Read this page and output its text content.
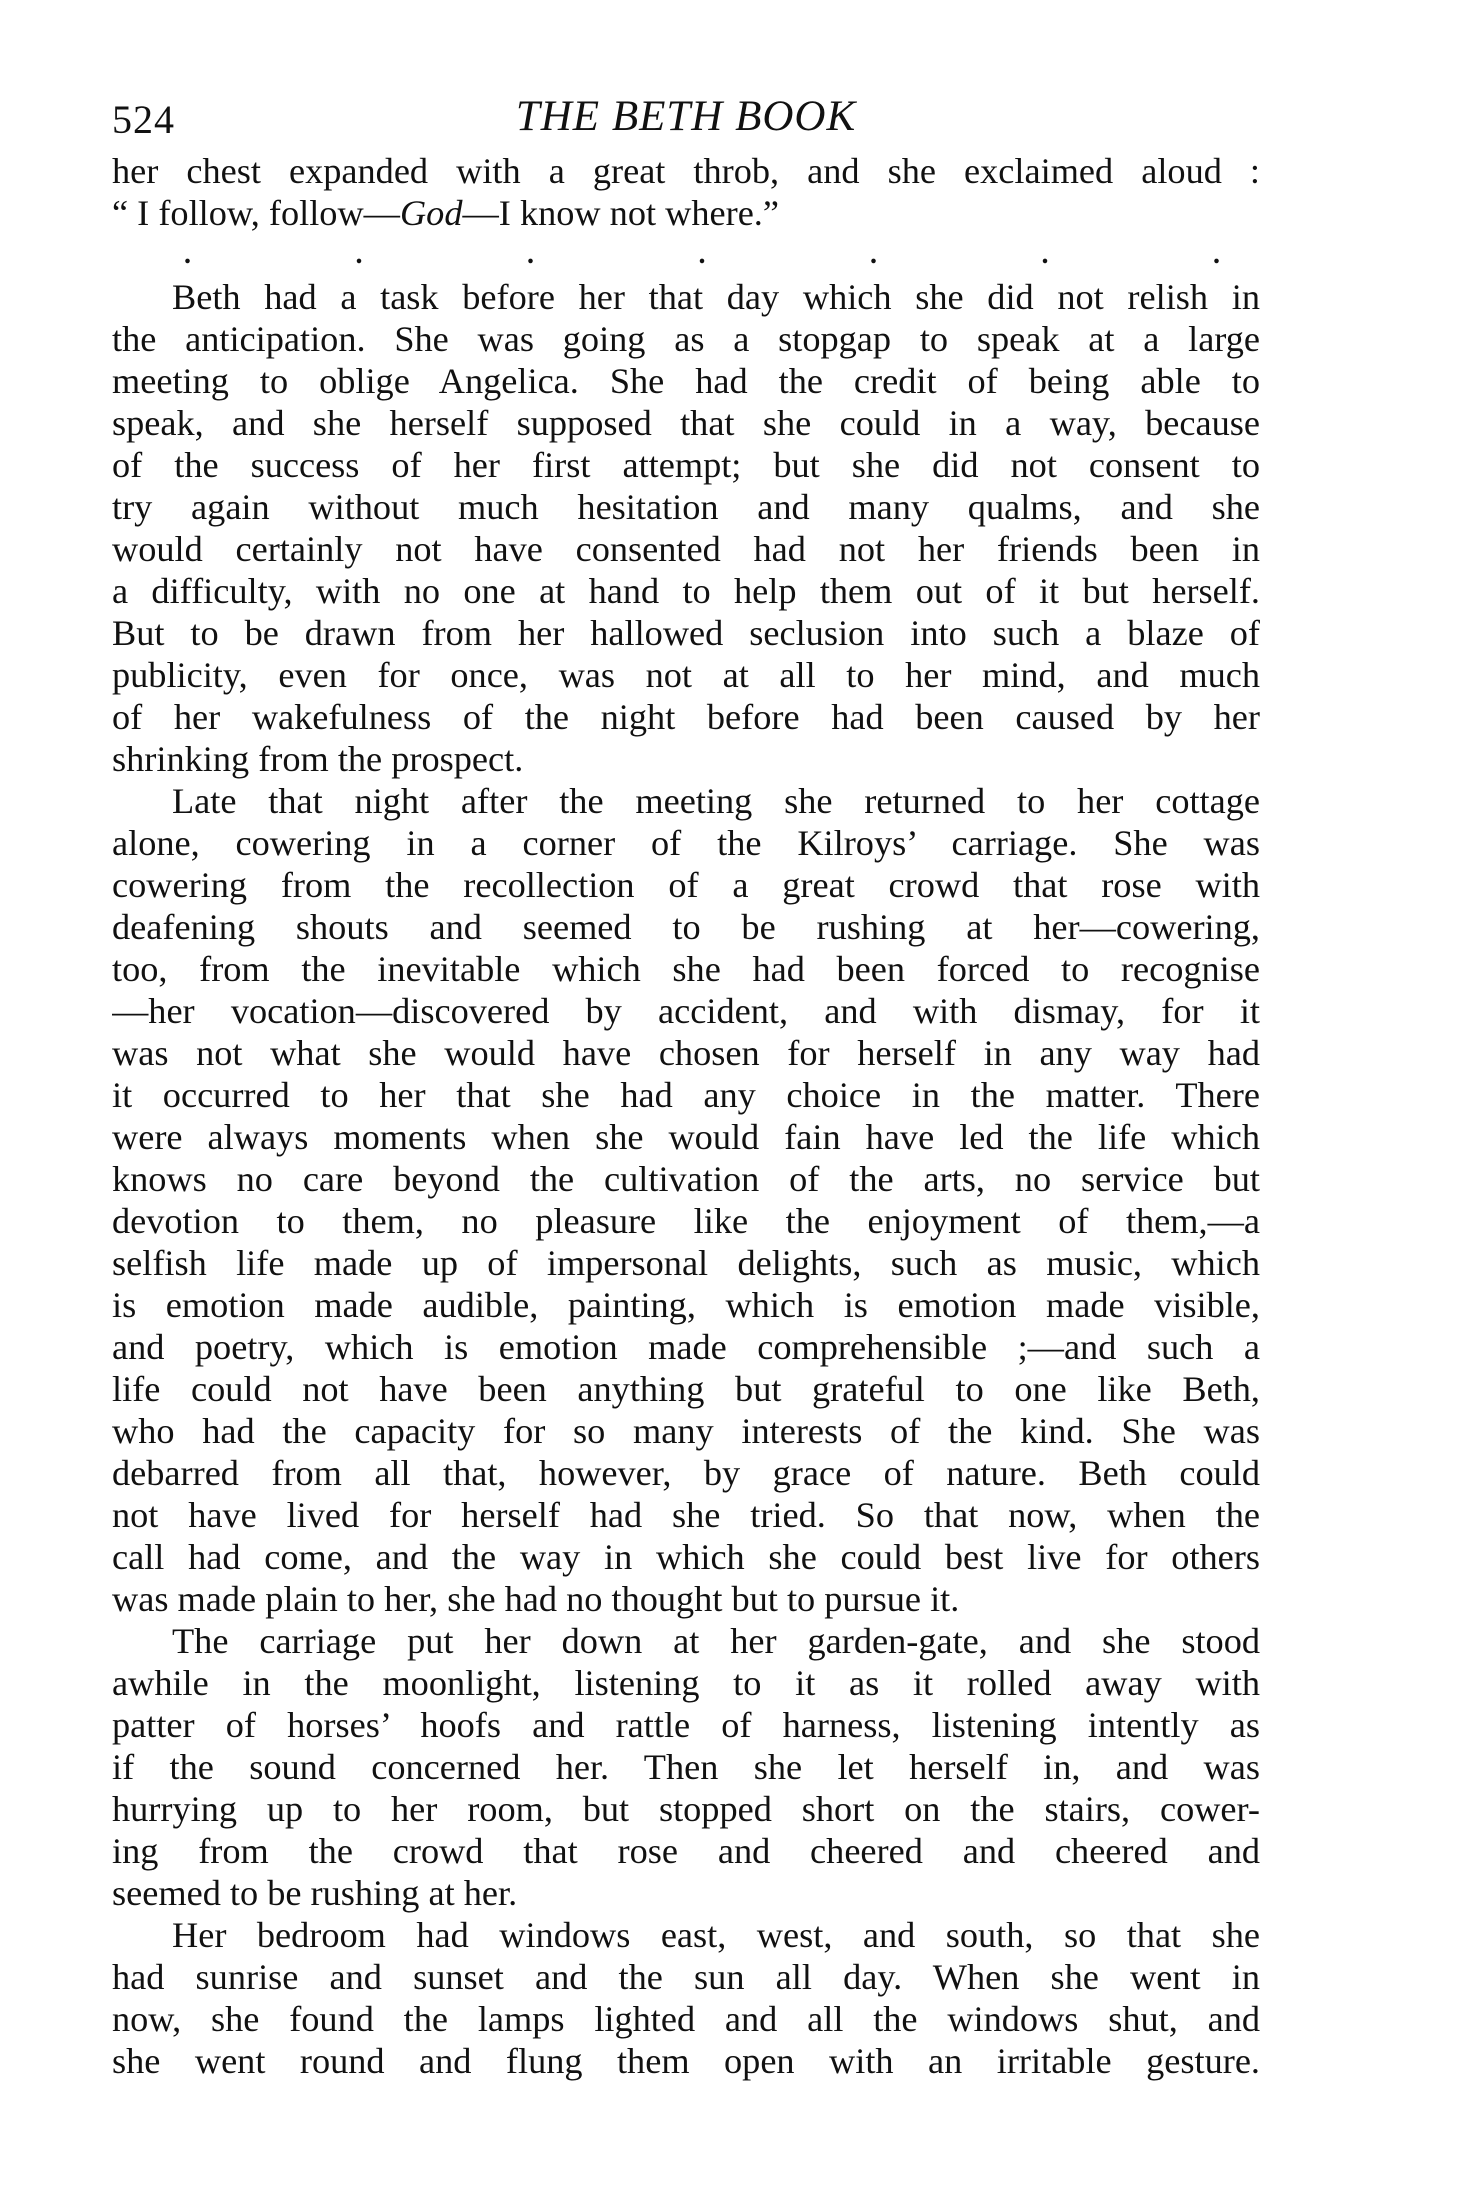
524	THE BETH BOOK
her chest expanded with a great throb, and she exclaimed aloud :
“ I follow, follow—God—I know not where.”
.	.	.	.	.	.	.
Beth had a task before her that day which she did not relish in
the anticipation. She was going as a stopgap to speak at a large
meeting to oblige Angelica. She had the credit of being able to
speak, and she herself supposed that she could in a way, because
of the success of her first attempt; but she did not consent to
try again without much hesitation and many qualms, and she
would certainly not have consented had not her friends been in
a difficulty, with no one at hand to help them out of it but herself.
But to be drawn from her hallowed seclusion into such a blaze of
publicity, even for once, was not at all to her mind, and much
of her wakefulness of the night before had been caused by her
shrinking from the prospect.
Late that night after the meeting she returned to her cottage
alone, cowering in a corner of the Kilroys’ carriage. She was
cowering from the recollection of a great crowd that rose with
deafening shouts and seemed to be rushing at her—cowering,
too, from the inevitable which she had been forced to recognise
—her vocation—discovered by accident, and with dismay, for it
was not what she would have chosen for herself in any way had
it occurred to her that she had any choice in the matter. There
were always moments when she would fain have led the life which
knows no care beyond the cultivation of the arts, no service but
devotion to them, no pleasure like the enjoyment of them,—a
selfish life made up of impersonal delights, such as music, which
is emotion made audible, painting, which is emotion made visible,
and poetry, which is emotion made comprehensible ;—and such a
life could not have been anything but grateful to one like Beth,
who had the capacity for so many interests of the kind. She was
debarred from all that, however, by grace of nature. Beth could
not have lived for herself had she tried. So that now, when the
call had come, and the way in which she could best live for others
was made plain to her, she had no thought but to pursue it.
The carriage put her down at her garden-gate, and she stood
awhile in the moonlight, listening to it as it rolled away with
patter of horses’ hoofs and rattle of harness, listening intently as
if the sound concerned her. Then she let herself in, and was
hurrying up to her room, but stopped short on the stairs, cower-
ing from the crowd that rose and cheered and cheered and
seemed to be rushing at her.
Her bedroom had windows east, west, and south, so that she
had sunrise and sunset and the sun all day. When she went in
now, she found the lamps lighted and all the windows shut, and
she went round and flung them open with an irritable gesture.
